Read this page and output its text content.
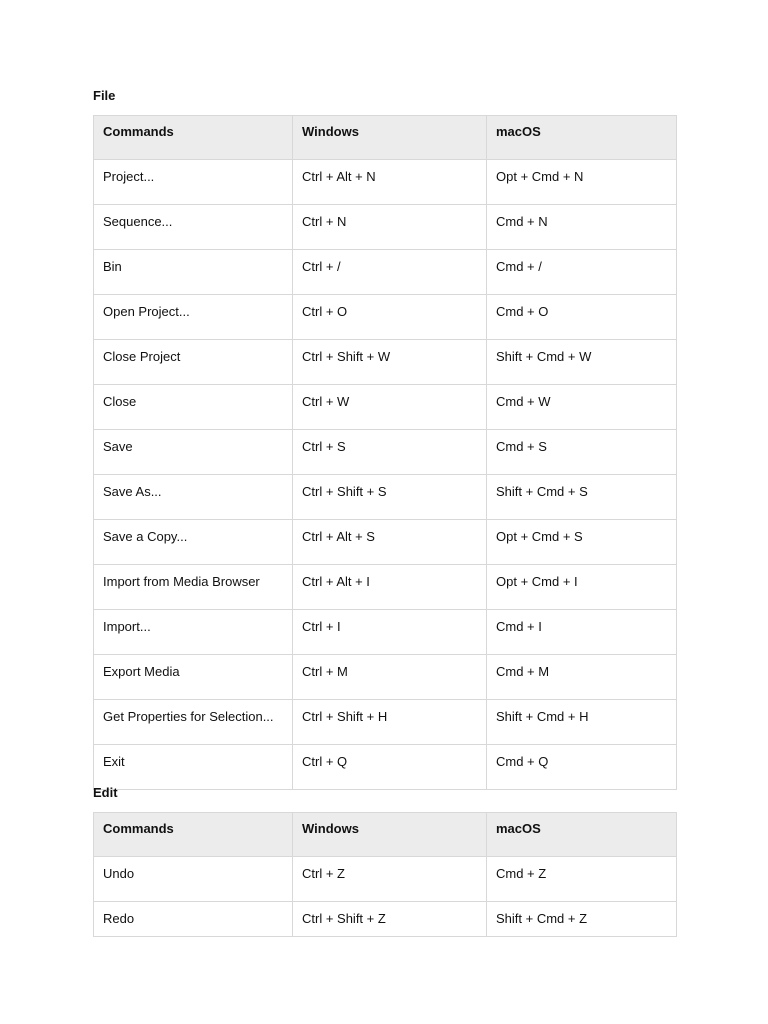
File
Commands	Windows	macOS
Project...	Ctrl + Alt + N	Opt + Cmd + N
Sequence...	Ctrl + N	Cmd + N
Bin	Ctrl + /	Cmd + /
Open Project...	Ctrl + O	Cmd + O
Close Project	Ctrl + Shift + W	Shift + Cmd + W
Close	Ctrl + W	Cmd + W
Save	Ctrl + S	Cmd + S
Save As...	Ctrl + Shift + S	Shift + Cmd + S
Save a Copy...	Ctrl + Alt + S	Opt + Cmd + S
Import from Media Browser	Ctrl + Alt + I	Opt + Cmd + I
Import...	Ctrl + I	Cmd + I
Export Media	Ctrl + M	Cmd + M
Get Properties for Selection...	Ctrl + Shift + H	Shift + Cmd + H
Exit	Ctrl + Q	Cmd + Q
Edit
Commands	Windows	macOS
Undo	Ctrl + Z	Cmd + Z
Redo	Ctrl + Shift + Z	Shift + Cmd + Z
